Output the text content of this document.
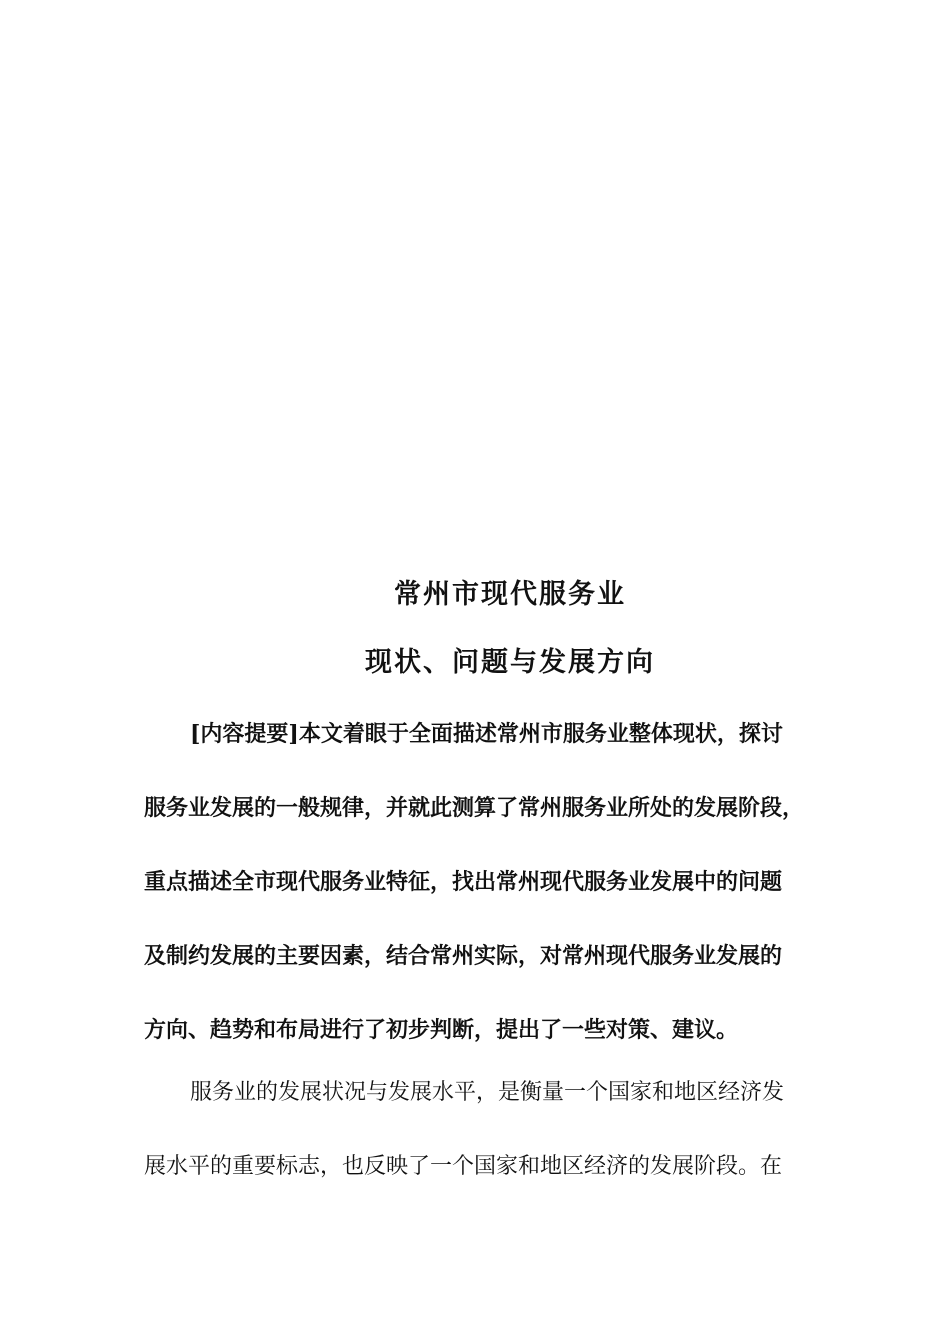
常州市现代服务业
现状、问题与发展方向
[内容提要]本文着眼于全面描述常州市服务业整体现状，探讨
服务业发展的一般规律，并就此测算了常州服务业所处的发展阶段，
重点描述全市现代服务业特征，找出常州现代服务业发展中的问题
及制约发展的主要因素，结合常州实际，对常州现代服务业发展的
方向、趋势和布局进行了初步判断，提出了一些对策、建议。
服务业的发展状况与发展水平，是衡量一个国家和地区经济发
展水平的重要标志，也反映了一个国家和地区经济的发展阶段。在
